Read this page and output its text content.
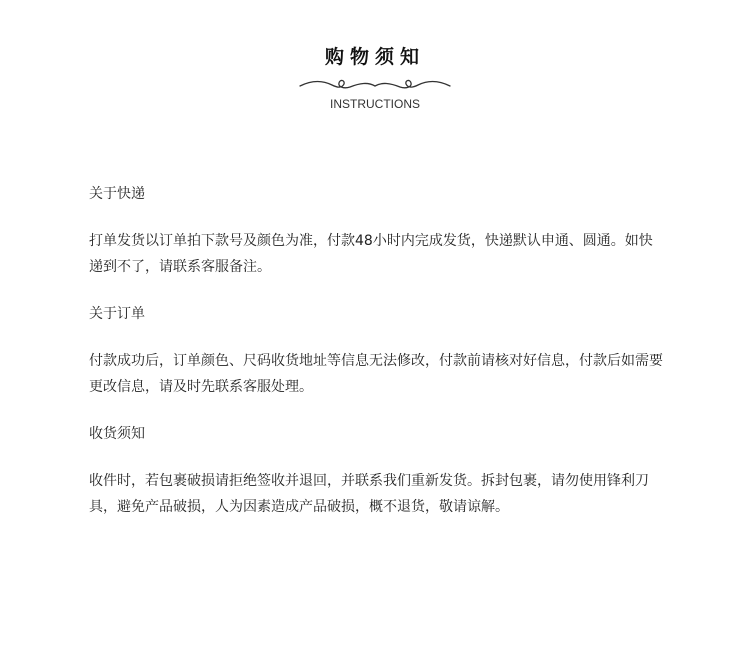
购物须知
INSTRUCTIONS

关于快递

打单发货以订单拍下款号及颜色为准，付款48小时内完成发货，快递默认申通、圆通。如快递到不了，请联系客服备注。

关于订单

付款成功后，订单颜色、尺码收货地址等信息无法修改，付款前请核对好信息，付款后如需要更改信息，请及时先联系客服处理。

收货须知

收件时，若包裹破损请拒绝签收并退回，并联系我们重新发货。拆封包裹，请勿使用锋利刀具，避免产品破损，人为因素造成产品破损，概不退货，敬请谅解。
